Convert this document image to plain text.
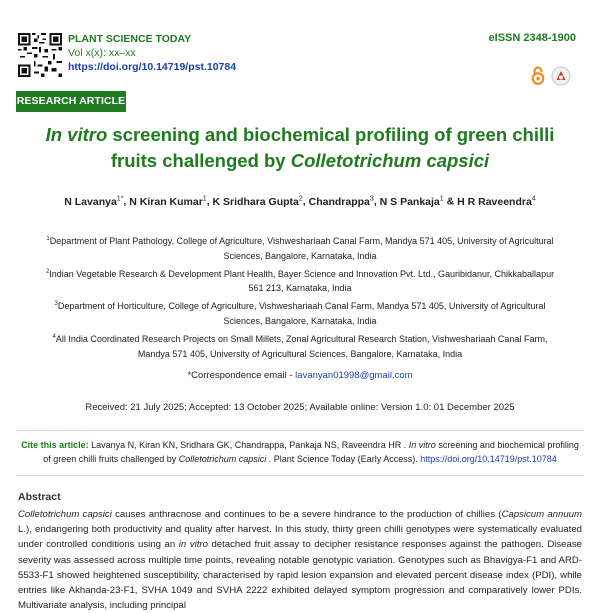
PLANT SCIENCE TODAY
Vol x(x): xx–xx
https://doi.org/10.14719/pst.10784
eISSN 2348-1900
RESEARCH ARTICLE
In vitro screening and biochemical profiling of green chilli fruits challenged by Colletotrichum capsici
N Lavanya$^{1*}$, N Kiran Kumar$^1$, K Sridhara Gupta$^2$, Chandrappa$^3$, N S Pankaja$^1$ & H R Raveendra$^4$
$^1$Department of Plant Pathology, College of Agriculture, Vishweshariaah Canal Farm, Mandya 571 405, University of Agricultural Sciences, Bangalore, Karnataka, India
$^2$Indian Vegetable Research & Development Plant Health, Bayer Science and Innovation Pvt. Ltd., Gauribidanur, Chikkaballapur 561 213, Karnataka, India
$^3$Department of Horticulture, College of Agriculture, Vishweshariaah Canal Farm, Mandya 571 405, University of Agricultural Sciences, Bangalore, Karnataka, India
$^4$All India Coordinated Research Projects on Small Millets, Zonal Agricultural Research Station, Vishweshariaah Canal Farm, Mandya 571 405, University of Agricultural Sciences, Bangalore, Karnataka, India
*Correspondence email - lavanyan01998@gmail.com
Received: 21 July 2025; Accepted: 13 October 2025; Available online: Version 1.0: 01 December 2025
Cite this article: Lavanya N, Kiran KN, Sridhara GK, Chandrappa, Pankaja NS, Raveendra HR . In vitro screening and biochemical profiling of green chilli fruits challenged by Colletotrichum capsici . Plant Science Today (Early Access). https://doi.org/10.14719/pst.10784
Abstract
Colletotrichum capsici causes anthracnose and continues to be a severe hindrance to the production of chillies (Capsicum annuum L.), endangering both productivity and quality after harvest. In this study, thirty green chilli genotypes were systematically evaluated under controlled conditions using an in vitro detached fruit assay to decipher resistance responses against the pathogen. Disease severity was assessed across multiple time points, revealing notable genotypic variation. Genotypes such as Bhavigya-F1 and ARD-5533-F1 showed heightened susceptibility, characterised by rapid lesion expansion and elevated percent disease index (PDI), while entries like Akhanda-23-F1, SVHA 1049 and SVHA 2222 exhibited delayed symptom progression and comparatively lower PDIs. Multivariate analysis, including principal
